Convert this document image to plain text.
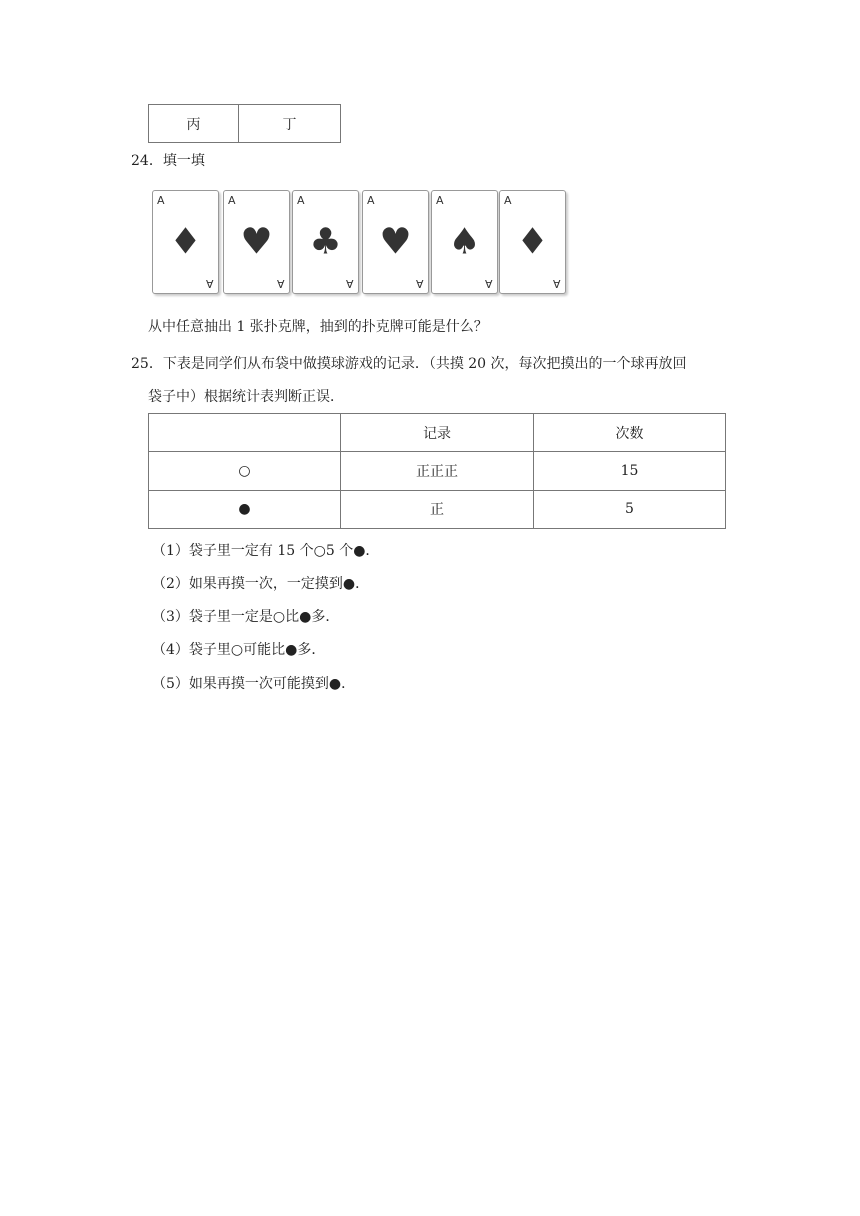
丙	丁
24．填一填
A
♦
A
A
♥
A
A
♣
A
A
♥
A
A
♠
A
A
♦
A
从中任意抽出 1 张扑克牌，抽到的扑克牌可能是什么？
25．下表是同学们从布袋中做摸球游戏的记录．（共摸 20 次，每次把摸出的一个球再放回
袋子中）根据统计表判断正误．
	记录	次数
○	正正正	15
●	正	5
（1）袋子里一定有 15 个○5 个●．
（2）如果再摸一次，一定摸到●．
（3）袋子里一定是○比●多．
（4）袋子里○可能比●多．
（5）如果再摸一次可能摸到●．
